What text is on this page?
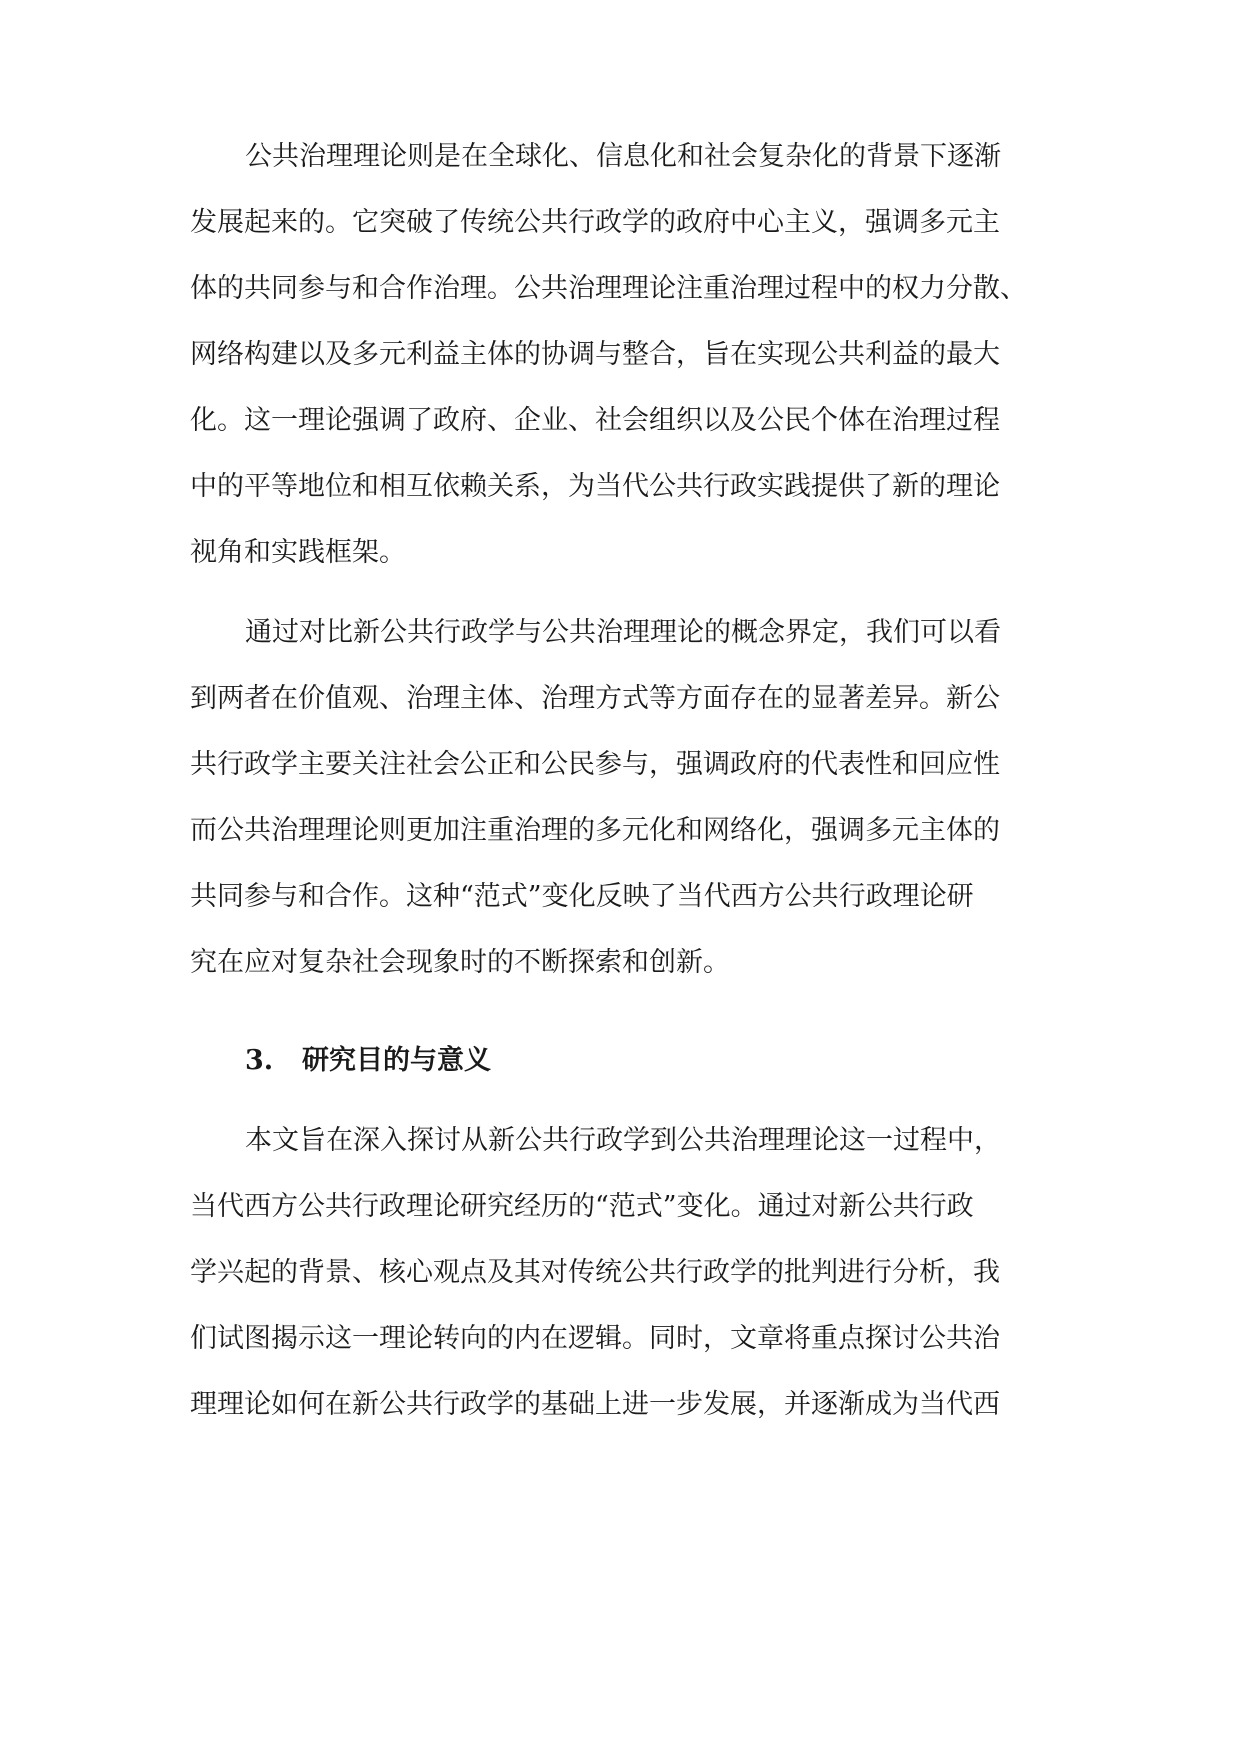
公共治理理论则是在全球化、信息化和社会复杂化的背景下逐渐
发展起来的。它突破了传统公共行政学的政府中心主义，强调多元主
体的共同参与和合作治理。公共治理理论注重治理过程中的权力分散、
网络构建以及多元利益主体的协调与整合，旨在实现公共利益的最大
化。这一理论强调了政府、企业、社会组织以及公民个体在治理过程
中的平等地位和相互依赖关系，为当代公共行政实践提供了新的理论
视角和实践框架。
通过对比新公共行政学与公共治理理论的概念界定，我们可以看
到两者在价值观、治理主体、治理方式等方面存在的显著差异。新公
共行政学主要关注社会公正和公民参与，强调政府的代表性和回应性
而公共治理理论则更加注重治理的多元化和网络化，强调多元主体的
共同参与和合作。这种“范式”变化反映了当代西方公共行政理论研
究在应对复杂社会现象时的不断探索和创新。
3. 研究目的与意义
本文旨在深入探讨从新公共行政学到公共治理理论这一过程中，
当代西方公共行政理论研究经历的“范式”变化。通过对新公共行政
学兴起的背景、核心观点及其对传统公共行政学的批判进行分析，我
们试图揭示这一理论转向的内在逻辑。同时，文章将重点探讨公共治
理理论如何在新公共行政学的基础上进一步发展，并逐渐成为当代西
